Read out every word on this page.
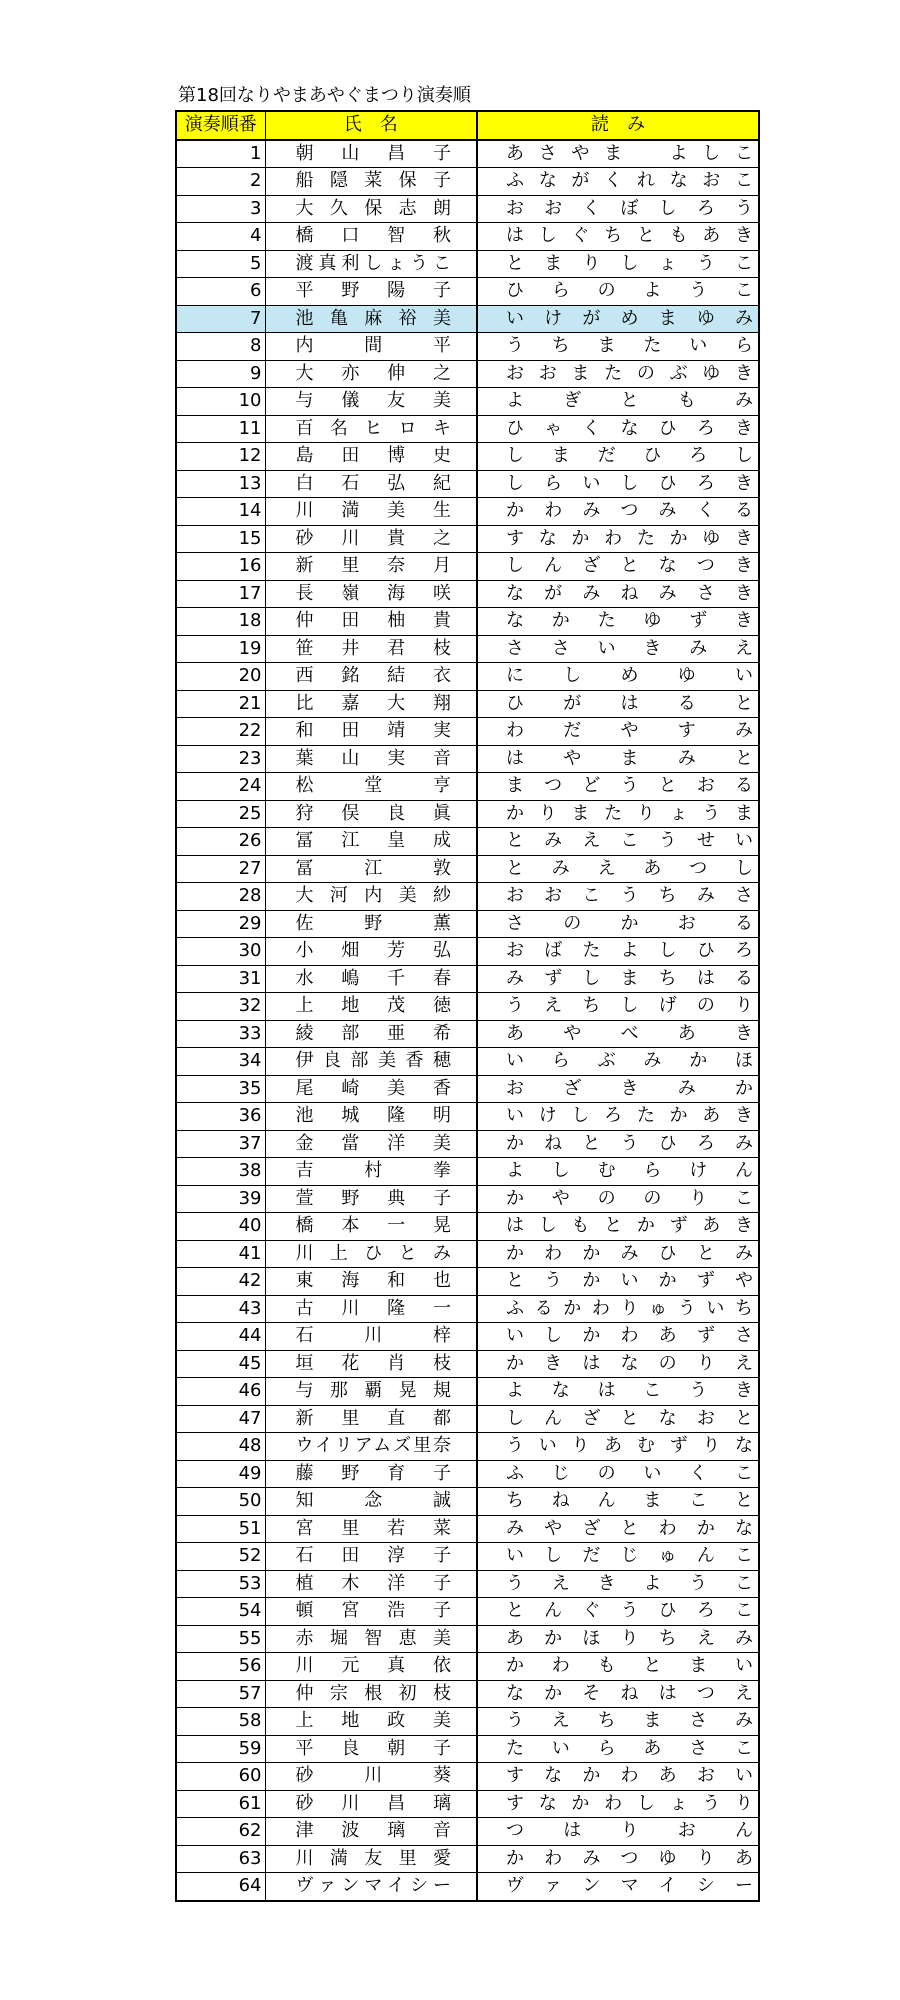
第18回なりやまあやぐまつり演奏順
演奏順番	氏　名	読　み
1	朝山昌子	あさやま　よしこ
2	船隠菜保子	ふながくれなおこ
3	大久保志朗	おおくぼしろう
4	橋口智秋	はしぐちともあき
5	渡真利しょうこ	とまりしょうこ
6	平野陽子	ひらのようこ
7	池亀麻裕美	いけがめまゆみ
8	内間平	うちまたいら
9	大亦伸之	おおまたのぶゆき
10	与儀友美	よぎともみ
11	百名ヒロキ	ひゃくなひろき
12	島田博史	しまだひろし
13	白石弘紀	しらいしひろき
14	川満美生	かわみつみくる
15	砂川貴之	すなかわたかゆき
16	新里奈月	しんざとなつき
17	長嶺海咲	ながみねみさき
18	仲田柚貴	なかたゆずき
19	笹井君枝	ささいきみえ
20	西銘結衣	にしめゆい
21	比嘉大翔	ひがはると
22	和田靖実	わだやすみ
23	葉山実音	はやまみと
24	松堂亨	まつどうとおる
25	狩俣良眞	かりまたりょうま
26	冨江皇成	とみえこうせい
27	冨江敦	とみえあつし
28	大河内美紗	おおこうちみさ
29	佐野薫	さのかおる
30	小畑芳弘	おばたよしひろ
31	水嶋千春	みずしまちはる
32	上地茂徳	うえちしげのり
33	綾部亜希	あやべあき
34	伊良部美香穂	いらぶみかほ
35	尾崎美香	おざきみか
36	池城隆明	いけしろたかあき
37	金當洋美	かねとうひろみ
38	吉村拳	よしむらけん
39	萱野典子	かやののりこ
40	橋本一晃	はしもとかずあき
41	川上ひとみ	かわかみひとみ
42	東海和也	とうかいかずや
43	古川隆一	ふるかわりゅういち
44	石川梓	いしかわあずさ
45	垣花肖枝	かきはなのりえ
46	与那覇晃規	よなはこうき
47	新里直都	しんざとなおと
48	ウイリアムズ里奈	ういりあむずりな
49	藤野育子	ふじのいくこ
50	知念誠	ちねんまこと
51	宮里若菜	みやざとわかな
52	石田淳子	いしだじゅんこ
53	植木洋子	うえきようこ
54	頓宮浩子	とんぐうひろこ
55	赤堀智恵美	あかほりちえみ
56	川元真依	かわもとまい
57	仲宗根初枝	なかそねはつえ
58	上地政美	うえちまさみ
59	平良朝子	たいらあさこ
60	砂川葵	すなかわあおい
61	砂川昌璃	すなかわしょうり
62	津波璃音	つはりおん
63	川満友里愛	かわみつゆりあ
64	ヴァンマイシー	ヴァンマイシー
